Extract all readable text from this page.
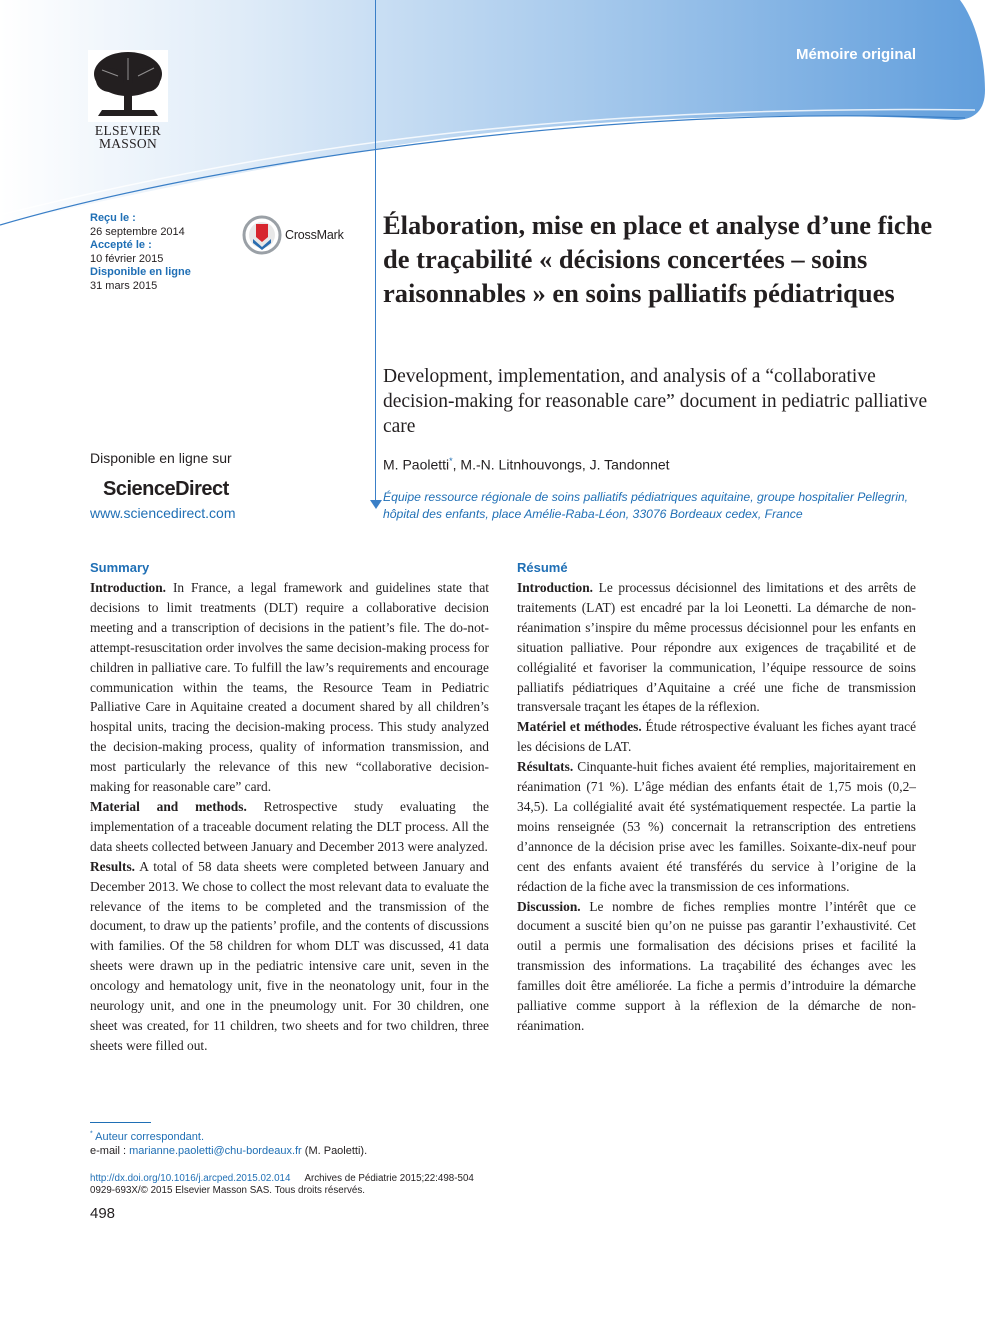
Mémoire original
ELSEVIER MASSON
Reçu le :
26 septembre 2014
Accepté le :
10 février 2015
Disponible en ligne
31 mars 2015
CrossMark
Disponible en ligne sur
ScienceDirect
www.sciencedirect.com
Élaboration, mise en place et analyse d’une fiche de traçabilité « décisions concertées – soins raisonnables » en soins palliatifs pédiatriques
Development, implementation, and analysis of a “collaborative decision-making for reasonable care” document in pediatric palliative care
M. Paoletti*, M.-N. Litnhouvongs, J. Tandonnet
Équipe ressource régionale de soins palliatifs pédiatriques aquitaine, groupe hospitalier Pellegrin, hôpital des enfants, place Amélie-Raba-Léon, 33076 Bordeaux cedex, France
Summary

Introduction. In France, a legal framework and guidelines state that decisions to limit treatments (DLT) require a collaborative decision meeting and a transcription of decisions in the patient’s file. The do-not-attempt-resuscitation order involves the same decision-making process for children in palliative care. To fulfill the law’s requirements and encourage communication within the teams, the Resource Team in Pediatric Palliative Care in Aquitaine created a document shared by all children’s hospital units, tracing the decision-making process. This study analyzed the decision-making process, quality of information transmission, and most particularly the relevance of this new “collaborative decision-making for reasonable care” card.

Material and methods. Retrospective study evaluating the implementation of a traceable document relating the DLT process. All the data sheets collected between January and December 2013 were analyzed.

Results. A total of 58 data sheets were completed between January and December 2013. We chose to collect the most relevant data to evaluate the relevance of the items to be completed and the transmission of the document, to draw up the patients’ profile, and the contents of discussions with families. Of the 58 children for whom DLT was discussed, 41 data sheets were drawn up in the pediatric intensive care unit, seven in the oncology and hematology unit, five in the neonatology unit, four in the neurology unit, and one in the pneumology unit. For 30 children, one sheet was created, for 11 children, two sheets and for two children, three sheets were filled out.

Résumé

Introduction. Le processus décisionnel des limitations et des arrêts de traitements (LAT) est encadré par la loi Leonetti. La démarche de non-réanimation s’inspire du même processus décisionnel pour les enfants en situation palliative. Pour répondre aux exigences de traçabilité et de collégialité et favoriser la communication, l’équipe ressource de soins palliatifs pédiatriques d’Aquitaine a créé une fiche de transmission transversale traçant les étapes de la réflexion.

Matériel et méthodes. Étude rétrospective évaluant les fiches ayant tracé les décisions de LAT.

Résultats. Cinquante-huit fiches avaient été remplies, majoritairement en réanimation (71 %). L’âge médian des enfants était de 1,75 mois (0,2–34,5). La collégialité avait été systématiquement respectée. La partie la moins renseignée (53 %) concernait la retranscription des entretiens d’annonce de la décision prise avec les familles. Soixante-dix-neuf pour cent des enfants avaient été transférés du service à l’origine de la rédaction de la fiche avec la transmission de ces informations.

Discussion. Le nombre de fiches remplies montre l’intérêt que ce document a suscité bien qu’on ne puisse pas garantir l’exhaustivité. Cet outil a permis une formalisation des décisions prises et facilité la transmission des informations. La traçabilité des échanges avec les familles doit être améliorée. La fiche a permis d’introduire la démarche palliative comme support à la réflexion de la démarche de non-réanimation.

* Auteur correspondant.
e-mail : marianne.paoletti@chu-bordeaux.fr (M. Paoletti).
http://dx.doi.org/10.1016/j.arcped.2015.02.014 Archives de Pédiatrie 2015;22:498-504
0929-693X/© 2015 Elsevier Masson SAS. Tous droits réservés.
498
